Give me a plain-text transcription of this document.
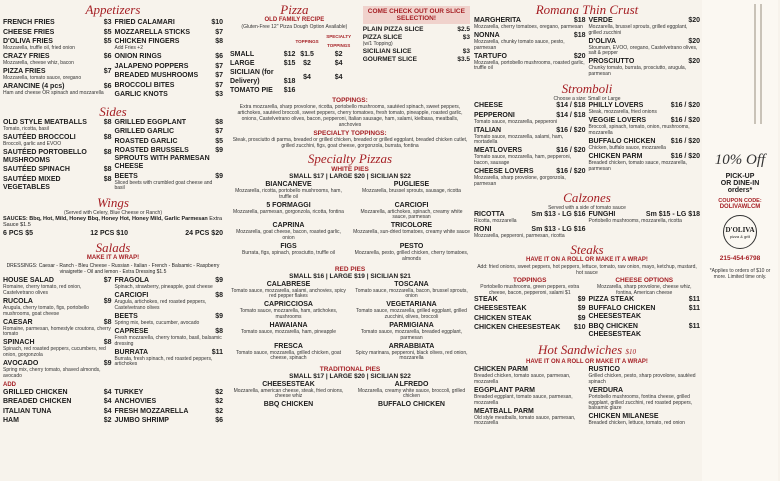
Appetizers
FRENCH FRIES	$3
CHEESE FRIES	$5
D'OLIVA FRIES	$5
Mozzarella, truffle oil, fried onion
CRAZY FRIES	$6
Mozzarella, cheese whiz, bacon
PIZZA FRIES	$7
Mozzarella, tomato sauce, oregano
ARANCINE (4 pcs)	$6
Ham and cheese OR spinach and mozzarella
FRIED CALAMARI	$10
MOZZARELLA STICKS	$7
CHICKEN FINGERS	$8
Add Fries +2
ONION RINGS	$6
JALAPENO POPPERS	$7
BREADED MUSHROOMS $7
BROCCOLI BITES	$7
GARLIC KNOTS	$3
Sides
OLD STYLE MEATBALLS $8
Tomato, ricotta, basil
SAUTÉED BROCCOLI	$8
Broccoli, garlic and EVOO
SAUTÉED PORTOBELLO MUSHROOMS
$8
SAUTÉED SPINACH	$8
SAUTÉED MIXED VEGETABLES
$8
GRILLED EGGPLANT	$8
GRILLED GARLIC	$7
ROASTED GARLIC	$5
ROASTED BRUSSELS SPROUTS WITH PARMESAN CHEESE
$9
BEETS	$9
Sliced beets with crumbled goat cheese and basil
Wings
(Served with Celery, Blue Cheese or Ranch)
SAUCES: Bbq, Hot, Mild, Honey Bbq, Honey Hot, Honey Mild, Garlic Parmesan Extra Sauce $1.5
6 PCS $5	12 PCS $10	24 PCS $20
Salads
MAKE IT A WRAP!
DRESSINGS: Caesar - Ranch - Bleu Cheese - Russian - Italian - French - Balsamic - Raspberry vinaigrette - Oil and lemon - Extra Dressing $1.5
HOUSE SALAD	$7
Romaine, cherry tomato, red onion, Castelvetrano olives
RUCOLA	$9
Arugula, cherry tomato, figs, portobello mushrooms, goat cheese
CAESAR	$8
Romaine, parmesan, homestyle croutons, cherry tomato
SPINACH	$8
Spinach, red roasted peppers, cucumbers, red onion, gorgonzola
AVOCADO	$9
Spring mix, cherry tomato, shaved almonds, avocado
FRAGOLA	$9
Spinach, strawberry, pineapple, goat cheese
CARCIOFI	$8
Arugula, artichokes, red roasted peppers, Castelvetrano olives
BEETS	$9
Spring mix, beets, cucumber, avocado
CAPRESE	$8
Fresh mozzarella, cherry tomato, basil, balsamic dressing
BURRATA	$11
Burrata, fresh spinach, red roasted peppers, artichokes
ADD
GRILLED CHICKEN	$4
BREADED CHICKEN	$4
ITALIAN TUNA	$4
HAM	$2
TURKEY	$2
ANCHOVIES	$2
FRESH MOZZARELLA	$2
JUMBO SHRIMP	$6
Pizza
OLD FAMILY RECIPE
(Gluten-Free 12" Pizza Dough Option Available)
	TOPPINGS	SPECIALTY TOPPINGS
SMALL $12	$1.5	$2
LARGE $15	$2	$4
SICILIAN (for Delivery) $18	$4	$4
TOMATO PIE $16		

COME CHECK OUT OUR SLICE SELECTION!
PLAIN PIZZA SLICE	$2.5
PIZZA SLICE	$3
(w/1 Topping)
SICILIAN SLICE	$3
GOURMET SLICE	$3.5
TOPPINGS:
Extra mozzarella, sharp provolone, ricotta, portobello mushrooms, sautéed spinach, sweet peppers, artichokes, sautéed broccoli, sweet peppers, cherry tomatoes, fresh tomato, pineapple, roasted garlic, onions, Castelvetrano olives, bacon, pepperoni, Italian sausage, ham, salami, kielbasa, meatballs, anchovies
SPECIALTY TOPPINGS:
Steak, prosciutto di parma, breaded or grilled chicken, breaded or grilled eggplant, breaded chicken cutlet, grilled zucchini, figs, goat cheese, gorgonzola, burrata, fontina
Specialty Pizzas
WHITE PIES
SMALL $17 | LARGE $20 | SICILIAN $22
BIANCANEVE
Mozzarella, ricotta, portobello mushrooms, ham, truffle oil
PUGLIESE
Mozzarella, brussel sprouts, sausage, ricotta
5 FORMAGGI
Mozzarella, parmesan, gorgonzola, ricotta, fontina
CARCIOFI
Mozzarella, artichokes, spinach, creamy white sauce, parmesan
CAPRINA
Mozzarella, goat cheese, bacon, roasted garlic, onion
TRICOLORE
Mozzarella, sun-dried tomatoes, creamy white sauce
FIGS
Burrata, figs, spinach, prosciutto, truffle oil
PESTO
Mozzarella, pesto, grilled chicken, cherry tomatoes, almonds
RED PIES
SMALL $16 | LARGE $19 | SICILIAN $21
CALABRESE
Tomato sauce, mozzarella, salami, anchovies, spicy red pepper flakes
TOSCANA
Tomato sauce, mozzarella, bacon, brussel sprouts, onion
CAPRICCIOSA
Tomato sauce, mozzarella, ham, artichokes, mushrooms
VEGETARIANA
Tomato sauce, mozzarella, grilled eggplant, grilled zucchini, olives, broccoli
HAWAIANA
Tomato sauce, mozzarella, ham, pineapple
PARMIGIANA
Tomato sauce, mozzarella, breaded eggplant, parmesan
FRESCA
Tomato sauce, mozzarella, grilled chicken, goat cheese, spinach
ARRABBIATA
Spicy marinara, pepperoni, black olives, red onion, mozzarella
TRADITIONAL PIES
SMALL $17 | LARGE $20 | SICILIAN $22
CHEESESTEAK
Mozzarella, american cheese, steak, fried onions, cheese whiz
ALFREDO
Mozzarella, creamy white sauce, broccoli, grilled chicken
BBQ CHICKEN	BUFFALO CHICKEN
Romana Thin Crust
MARGHERITA	$18
Mozzarella, cherry tomatoes, oregano, parmesan
NONNA	$18
Mozzarella, chunky tomato sauce, pesto, parmesan
TARTUFO	$20
Mozzarella, portobello mushrooms, roasted garlic, truffle oil
VERDE	$20
Mozzarella, brussel sprouts, grilled eggplant, grilled zucchini
D'OLIVA	$20
Stoumam, EVOO, oregano, Castelvetrano olives, salt & pepper
PROSCIUTTO	$20
Chunky tomato, burrata, prosciutto, arugula, parmesan
Stromboli
Choose a size: Small or Large
CHEESE	$14 / $18
PEPPERONI	$14 / $18
Tomato sauce, mozzarella, pepperoni
ITALIAN	$16 / $20
Tomato sauce, mozzarella, salami, ham, mortadella
MEATLOVERS	$16 / $20
Tomato sauce, mozzarella, ham, pepperoni, bacon, sausage
CHEESE LOVERS	$16 / $20
Mozzarella, sharp provolone, gorgonzola, parmesan
PHILLY LOVERS	$16 / $20
Steak, mozzarella, fried onions
VEGGIE LOVERS	$16 / $20
Broccoli, spinach, tomato, onion, mushrooms, mozzarella
BUFFALO CHICKEN $16 / $20
Chicken, buffalo sauce, mozzarella
CHICKEN PARM	$16 / $20
Breaded chicken, tomato sauce, mozzarella, parmesan
Calzones
Served with a side of tomato sauce
RICOTTA	Sm $13 - LG $16
Ricotta, mozzarella
RONI	Sm $13 - LG $16
Mozzarella, pepperoni, parmesan, ricotta
FUNGHI	Sm $15 - LG $18
Portobello mushrooms, mozzarella, ricotta
Steaks
HAVE IT ON A ROLL OR MAKE IT A WRAP!
Add: fried onions, sweet peppers, hot peppers, lettuce, tomato, raw onion, mayo, ketchup, mustard, hot sauce
TOPPINGS
Portobello mushrooms, green peppers, extra cheese, bacon, pepperoni, salami $1
STEAK	$9
CHEESESTEAK	$9
CHICKEN STEAK	$9
CHICKEN CHEESESTEAK $10
CHEESE OPTIONS
Mozzarella, sharp provolone, cheese whiz, fontina, American cheese
PIZZA STEAK	$11
BUFFALO CHICKEN CHEESESTEAK
$11
BBQ CHICKEN CHEESESTEAK
$11
Hot Sandwiches $10
HAVE IT ON A ROLL OR MAKE IT A WRAP!
CHICKEN PARM
Breaded chicken, tomato sauce, parmesan, mozzarella
EGGPLANT PARM
Breaded eggplant, tomato sauce, parmesan, mozzarella
MEATBALL PARM
Old style meatballs, tomato sauce, parmesan, mozzarella
RUSTICO
Grilled chicken, pesto, sharp provolone, sautéed spinach
VERDURA
Portobello mushrooms, fontina cheese, grilled eggplant, grilled zucchini, red roasted peppers, balsamic glaze
CHICKEN MILANESE
Breaded chicken, lettuce, tomato, red onion
10% Off
PICK-UP
OR DINE-IN
orders*
COUPON CODE:
DOLIVAWLCM
D'OLIVA
pizza & grill
215-454-6798
*Applies to orders of $10 or more. Limited time only.
